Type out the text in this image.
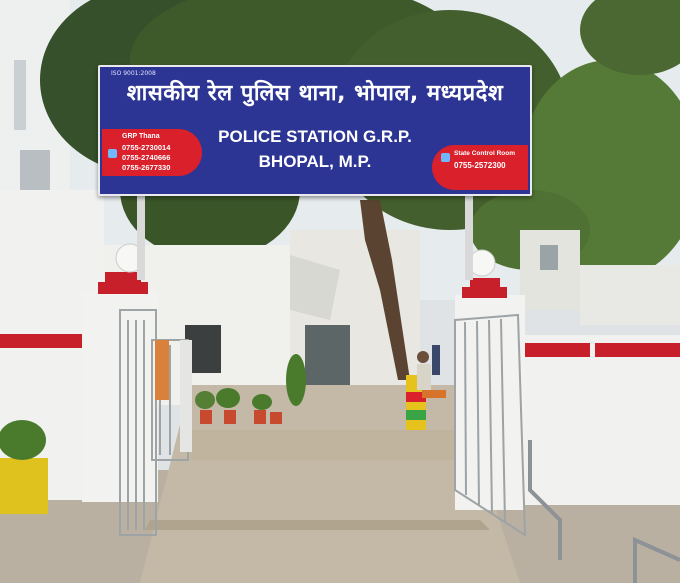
ISO 9001:2008
शासकीय रेल पुलिस थाना, भोपाल, मध्यप्रदेश
POLICE STATION G.R.P.
BHOPAL, M.P.
GRP Thana
0755-2730014
0755-2740666
0755-2677330
State Control Room
0755-2572300
